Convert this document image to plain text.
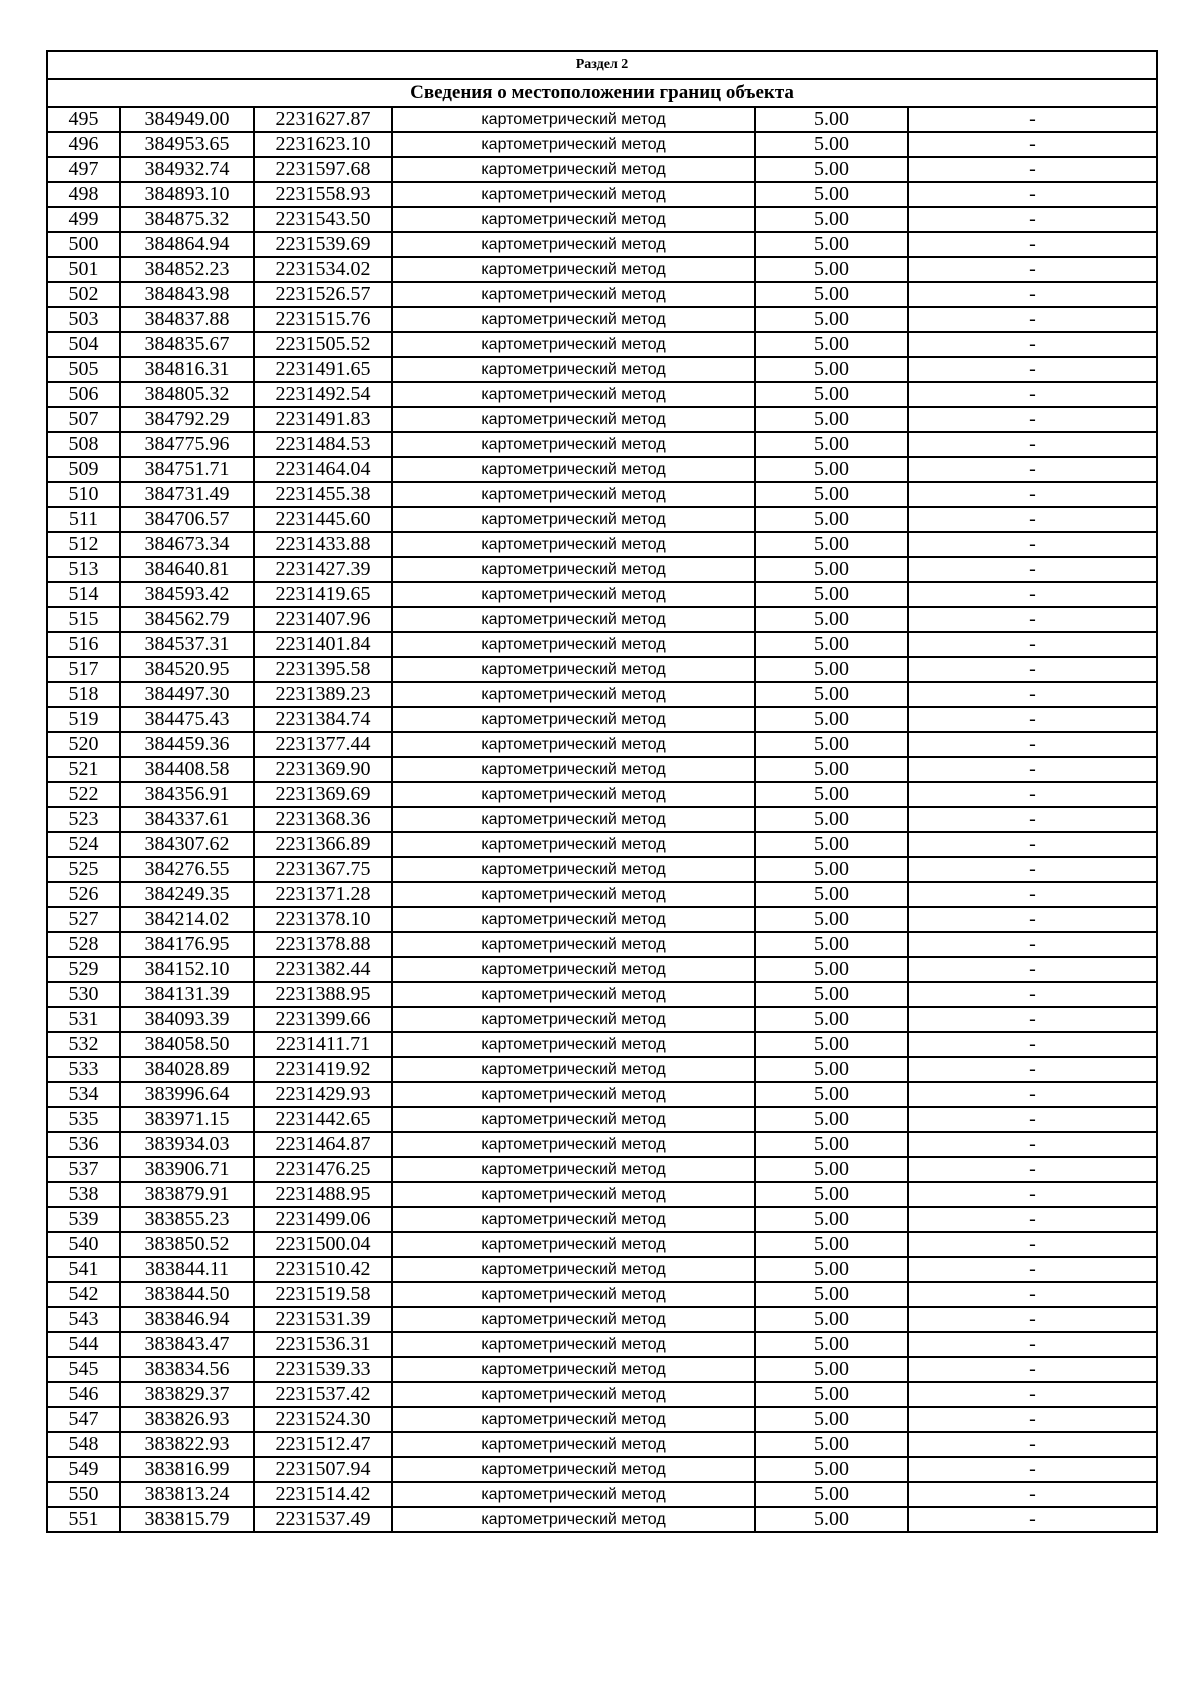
Раздел 2					
Сведения о местоположении границ объекта					
495	384949.00	2231627.87	картометрический метод	5.00	-
496	384953.65	2231623.10	картометрический метод	5.00	-
497	384932.74	2231597.68	картометрический метод	5.00	-
498	384893.10	2231558.93	картометрический метод	5.00	-
499	384875.32	2231543.50	картометрический метод	5.00	-
500	384864.94	2231539.69	картометрический метод	5.00	-
501	384852.23	2231534.02	картометрический метод	5.00	-
502	384843.98	2231526.57	картометрический метод	5.00	-
503	384837.88	2231515.76	картометрический метод	5.00	-
504	384835.67	2231505.52	картометрический метод	5.00	-
505	384816.31	2231491.65	картометрический метод	5.00	-
506	384805.32	2231492.54	картометрический метод	5.00	-
507	384792.29	2231491.83	картометрический метод	5.00	-
508	384775.96	2231484.53	картометрический метод	5.00	-
509	384751.71	2231464.04	картометрический метод	5.00	-
510	384731.49	2231455.38	картометрический метод	5.00	-
511	384706.57	2231445.60	картометрический метод	5.00	-
512	384673.34	2231433.88	картометрический метод	5.00	-
513	384640.81	2231427.39	картометрический метод	5.00	-
514	384593.42	2231419.65	картометрический метод	5.00	-
515	384562.79	2231407.96	картометрический метод	5.00	-
516	384537.31	2231401.84	картометрический метод	5.00	-
517	384520.95	2231395.58	картометрический метод	5.00	-
518	384497.30	2231389.23	картометрический метод	5.00	-
519	384475.43	2231384.74	картометрический метод	5.00	-
520	384459.36	2231377.44	картометрический метод	5.00	-
521	384408.58	2231369.90	картометрический метод	5.00	-
522	384356.91	2231369.69	картометрический метод	5.00	-
523	384337.61	2231368.36	картометрический метод	5.00	-
524	384307.62	2231366.89	картометрический метод	5.00	-
525	384276.55	2231367.75	картометрический метод	5.00	-
526	384249.35	2231371.28	картометрический метод	5.00	-
527	384214.02	2231378.10	картометрический метод	5.00	-
528	384176.95	2231378.88	картометрический метод	5.00	-
529	384152.10	2231382.44	картометрический метод	5.00	-
530	384131.39	2231388.95	картометрический метод	5.00	-
531	384093.39	2231399.66	картометрический метод	5.00	-
532	384058.50	2231411.71	картометрический метод	5.00	-
533	384028.89	2231419.92	картометрический метод	5.00	-
534	383996.64	2231429.93	картометрический метод	5.00	-
535	383971.15	2231442.65	картометрический метод	5.00	-
536	383934.03	2231464.87	картометрический метод	5.00	-
537	383906.71	2231476.25	картометрический метод	5.00	-
538	383879.91	2231488.95	картометрический метод	5.00	-
539	383855.23	2231499.06	картометрический метод	5.00	-
540	383850.52	2231500.04	картометрический метод	5.00	-
541	383844.11	2231510.42	картометрический метод	5.00	-
542	383844.50	2231519.58	картометрический метод	5.00	-
543	383846.94	2231531.39	картометрический метод	5.00	-
544	383843.47	2231536.31	картометрический метод	5.00	-
545	383834.56	2231539.33	картометрический метод	5.00	-
546	383829.37	2231537.42	картометрический метод	5.00	-
547	383826.93	2231524.30	картометрический метод	5.00	-
548	383822.93	2231512.47	картометрический метод	5.00	-
549	383816.99	2231507.94	картометрический метод	5.00	-
550	383813.24	2231514.42	картометрический метод	5.00	-
551	383815.79	2231537.49	картометрический метод	5.00	-
